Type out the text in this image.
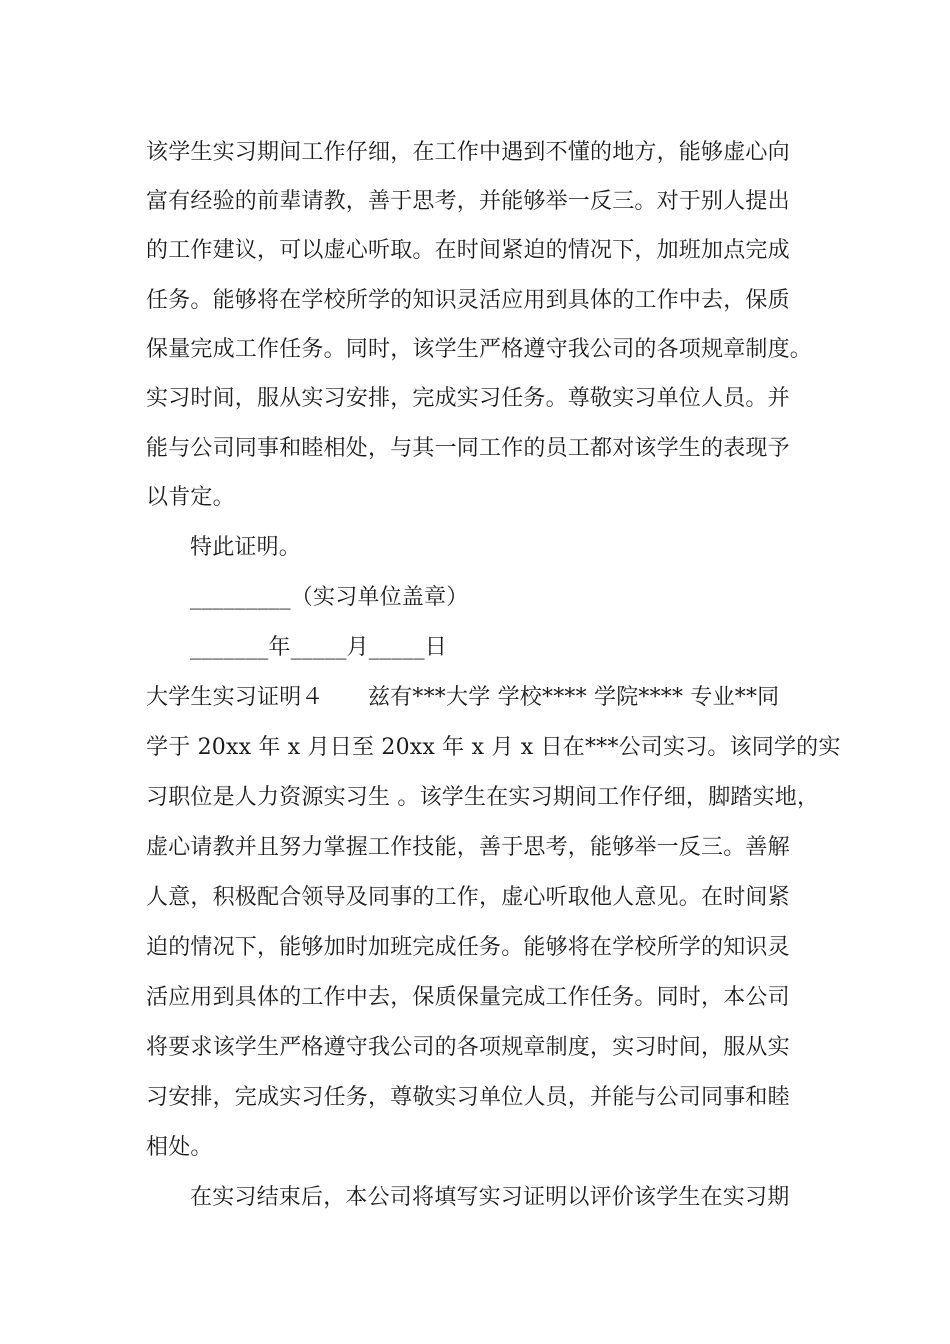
该学生实习期间工作仔细，在工作中遇到不懂的地方，能够虚心向
富有经验的前辈请教，善于思考，并能够举一反三。对于别人提出
的工作建议，可以虚心听取。在时间紧迫的情况下，加班加点完成
任务。能够将在学校所学的知识灵活应用到具体的工作中去，保质
保量完成工作任务。同时，该学生严格遵守我公司的各项规章制度。
实习时间，服从实习安排，完成实习任务。尊敬实习单位人员。并
能与公司同事和睦相处，与其一同工作的员工都对该学生的表现予
以肯定。
特此证明。
_________（实习单位盖章）
_______年_____月_____日
大学生实习证明４　　兹有***大学 学校**** 学院**** 专业**同
学于 20xx 年 x 月日至 20xx 年 x 月 x 日在***公司实习。该同学的实
习职位是人力资源实习生 。该学生在实习期间工作仔细，脚踏实地，
虚心请教并且努力掌握工作技能，善于思考，能够举一反三。善解
人意，积极配合领导及同事的工作，虚心听取他人意见。在时间紧
迫的情况下，能够加时加班完成任务。能够将在学校所学的知识灵
活应用到具体的工作中去，保质保量完成工作任务。同时，本公司
将要求该学生严格遵守我公司的各项规章制度，实习时间，服从实
习安排，完成实习任务，尊敬实习单位人员，并能与公司同事和睦
相处。
在实习结束后，本公司将填写实习证明以评价该学生在实习期
